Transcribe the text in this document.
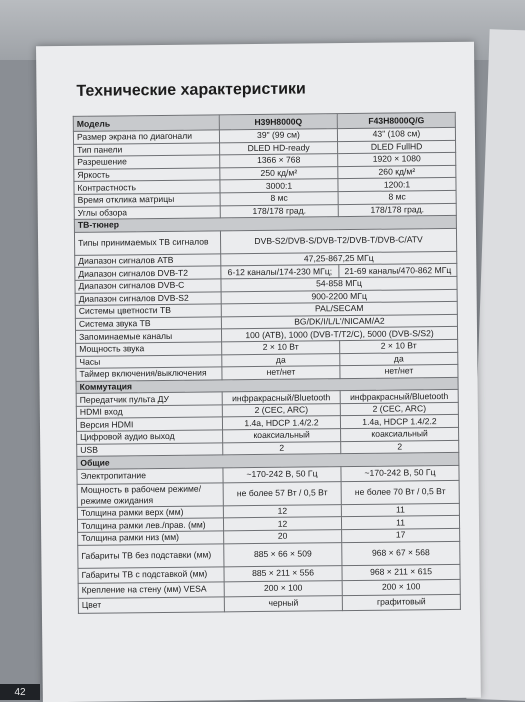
Технические характеристики
Модель	H39H8000Q	F43H8000Q/G
Размер экрана по диагонали	39" (99 см)	43" (108 см)
Тип панели	DLED HD-ready	DLED FullHD
Разрешение	1366 × 768	1920 × 1080
Яркость	250 кд/м²	260 кд/м²
Контрастность	3000:1	1200:1
Время отклика матрицы	8 мс	8 мс
Углы обзора	178/178 град.	178/178 град.
ТВ-тюнер		
Типы принимаемых ТВ сигналов	DVB-S2/DVB-S/DVB-T2/DVB-T/DVB-C/ATV	
Диапазон сигналов АТВ	47,25-867,25 МГц	
Диапазон сигналов DVB-T2	6-12 каналы/174-230 МГц;	21-69 каналы/470-862 МГц
Диапазон сигналов DVB-C	54-858 МГц	
Диапазон сигналов DVB-S2	900-2200 МГц	
Системы цветности ТВ	PAL/SECAM	
Система звука ТВ	BG/DK/I/L/L'/NICAM/A2	
Запоминаемые каналы	100 (АТВ), 1000 (DVB-T/T2/C), 5000 (DVB-S/S2)	
Мощность звука	2 × 10 Вт	2 × 10 Вт
Часы	да	да
Таймер включения/выключения	нет/нет	нет/нет
Коммутация		
Передатчик пульта ДУ	инфракрасный/Bluetooth	инфракрасный/Bluetooth
HDMI вход	2 (CEC, ARC)	2 (CEC, ARC)
Версия HDMI	1.4a, HDCP 1.4/2.2	1.4a, HDCP 1.4/2.2
Цифровой аудио выход	коаксиальный	коаксиальный
USB	2	2
Общие		
Электропитание	~170-242 В, 50 Гц	~170-242 В, 50 Гц

Мощность в рабочем режиме/
режиме ожидания	не более 57 Вт / 0,5 Вт	не более 70 Вт / 0,5 Вт
Толщина рамки верх (мм)	12	11
Толщина рамки лев./прав. (мм)	12	11
Толщина рамки низ (мм)	20	17
Габариты ТВ без подставки (мм)	885 × 66 × 509	968 × 67 × 568
Габариты ТВ с подставкой (мм)	885 × 211 × 556	968 × 211 × 615
Крепление на стену (мм) VESA	200 × 100	200 × 100
Цвет	черный	графитовый
42
